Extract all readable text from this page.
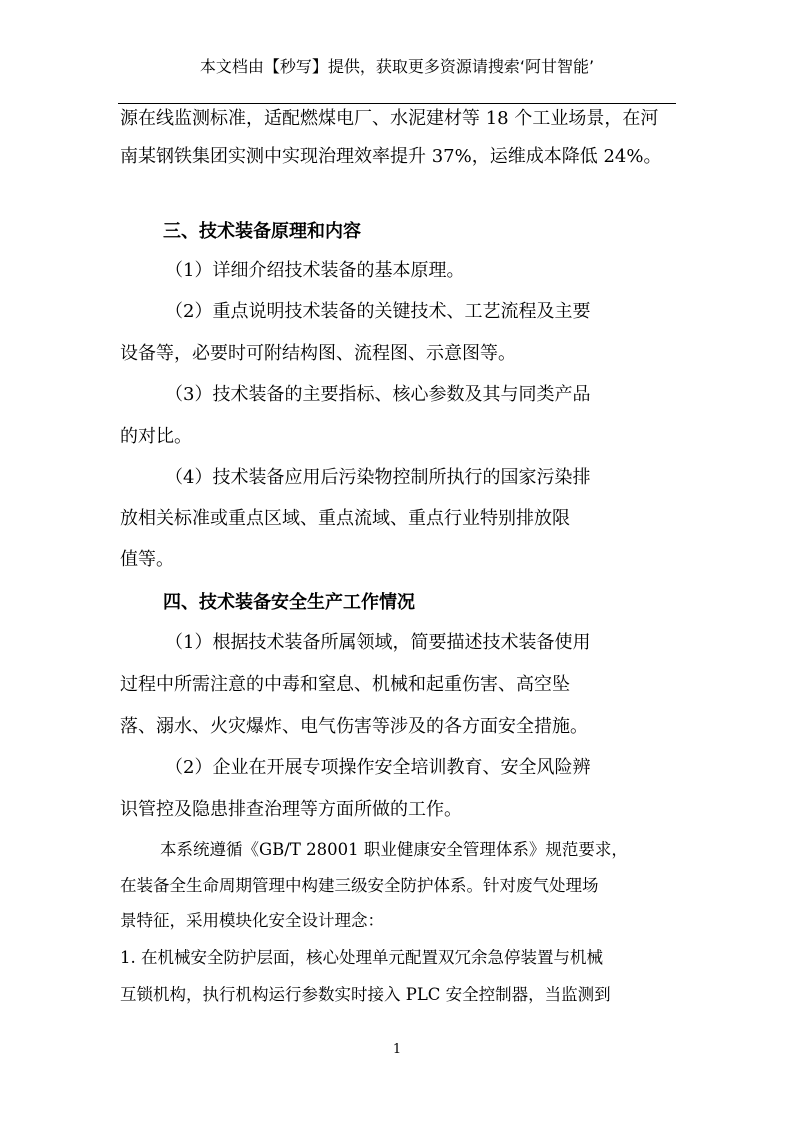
本文档由【秒写】提供，获取更多资源请搜索‘阿甘智能’
源在线监测标准，适配燃煤电厂、水泥建材等 18 个工业场景，在河
南某钢铁集团实测中实现治理效率提升 37%，运维成本降低 24%。
三、技术装备原理和内容
（1）详细介绍技术装备的基本原理。
（2）重点说明技术装备的关键技术、工艺流程及主要
设备等，必要时可附结构图、流程图、示意图等。
（3）技术装备的主要指标、核心参数及其与同类产品
的对比。
（4）技术装备应用后污染物控制所执行的国家污染排
放相关标准或重点区域、重点流域、重点行业特别排放限
值等。
四、技术装备安全生产工作情况
（1）根据技术装备所属领域，简要描述技术装备使用
过程中所需注意的中毒和窒息、机械和起重伤害、高空坠
落、溺水、火灾爆炸、电气伤害等涉及的各方面安全措施。
（2）企业在开展专项操作安全培训教育、安全风险辨
识管控及隐患排查治理等方面所做的工作。
本系统遵循《GB/T 28001 职业健康安全管理体系》规范要求，
在装备全生命周期管理中构建三级安全防护体系。针对废气处理场
景特征，采用模块化安全设计理念：
1. 在机械安全防护层面，核心处理单元配置双冗余急停装置与机械
互锁机构，执行机构运行参数实时接入 PLC 安全控制器，当监测到
1
